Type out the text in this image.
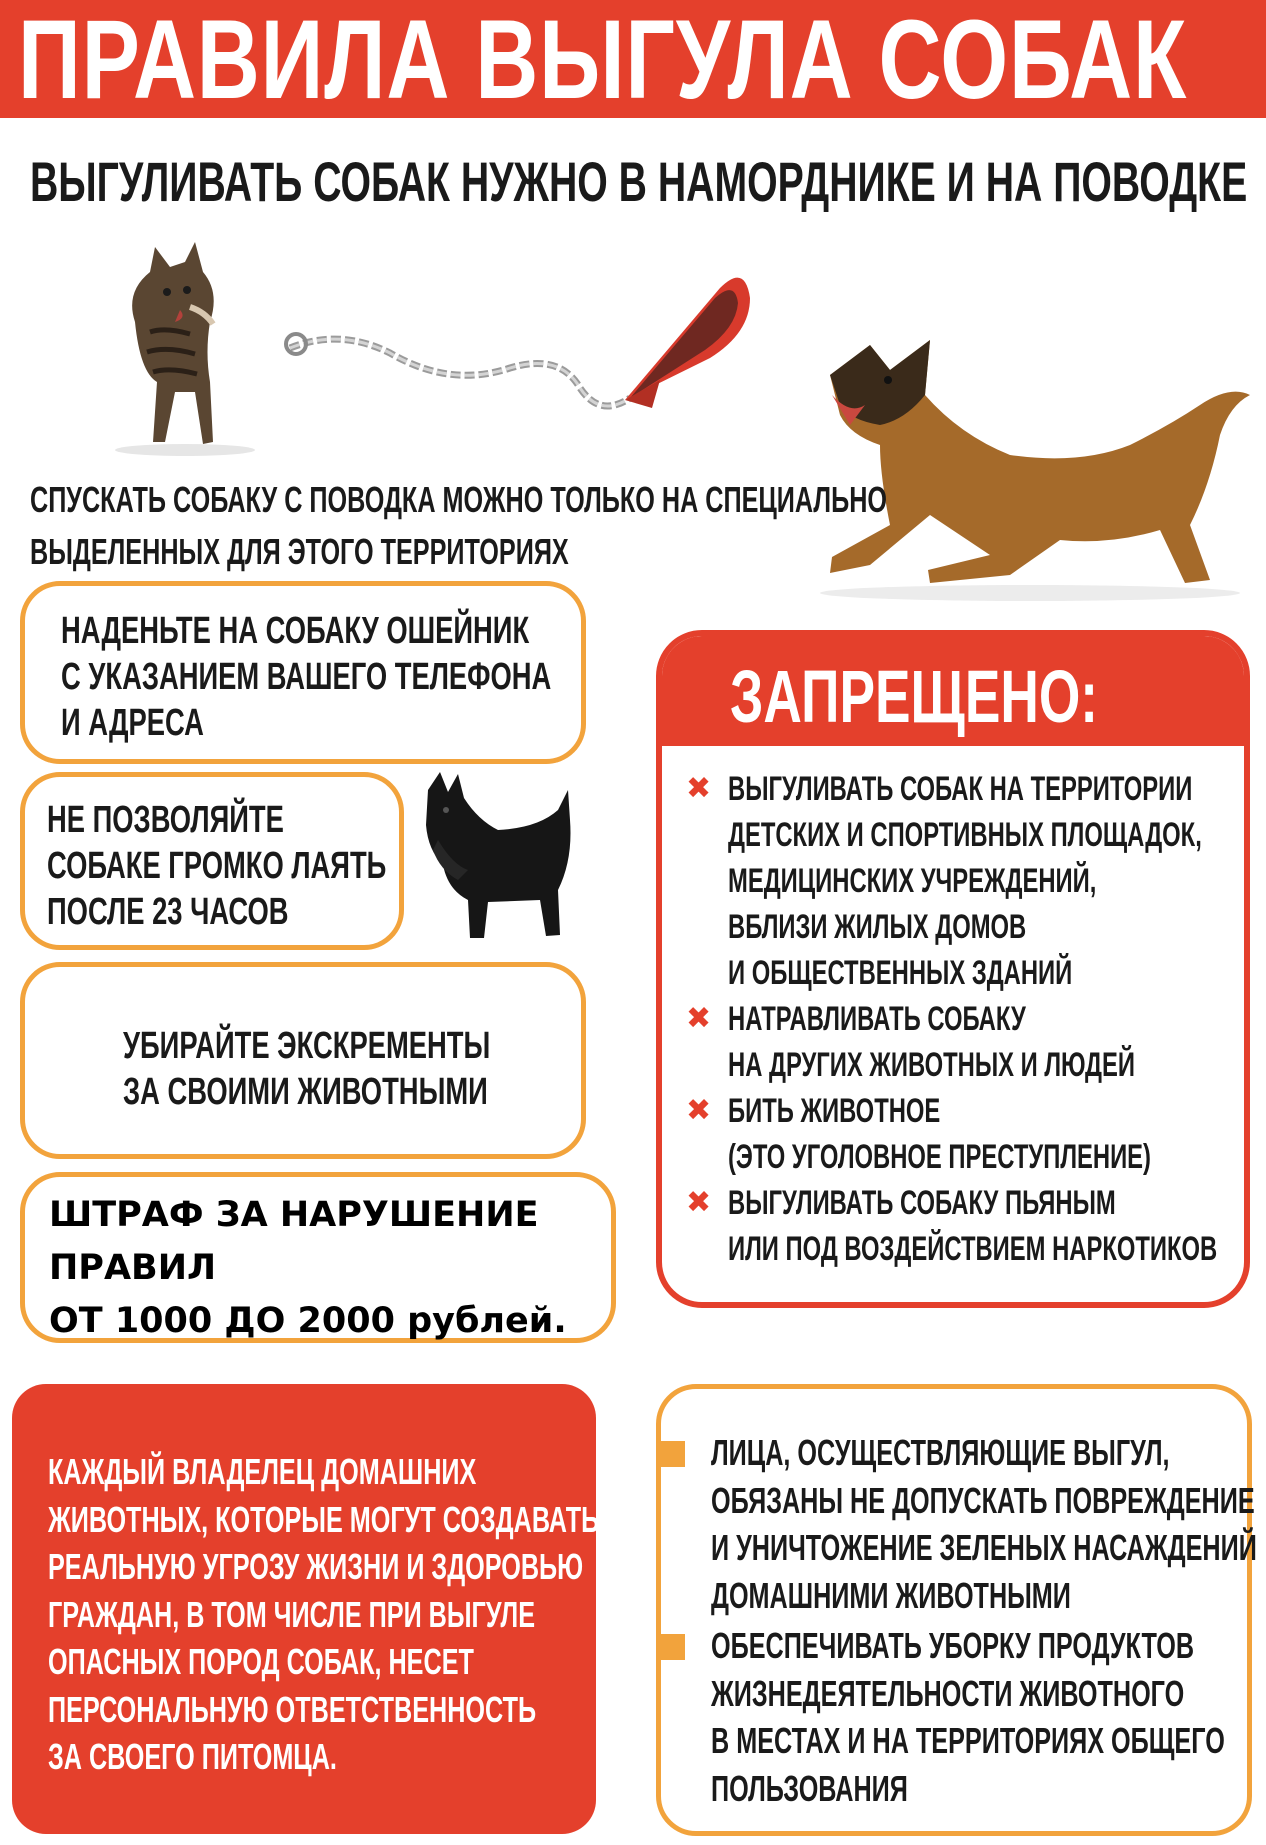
ПРАВИЛА ВЫГУЛА СОБАК
ВЫГУЛИВАТЬ СОБАК НУЖНО В НАМОРДНИКЕ И НА ПОВОДКЕ
СПУСКАТЬ СОБАКУ С ПОВОДКА МОЖНО ТОЛЬКО НА СПЕЦИАЛЬНО
ВЫДЕЛЕННЫХ ДЛЯ ЭТОГО ТЕРРИТОРИЯХ
НАДЕНЬТЕ НА СОБАКУ ОШЕЙНИК
С УКАЗАНИЕМ ВАШЕГО ТЕЛЕФОНА
И АДРЕСА
НЕ ПОЗВОЛЯЙТЕ
СОБАКЕ ГРОМКО ЛАЯТЬ
ПОСЛЕ 23 ЧАСОВ
УБИРАЙТЕ ЭКСКРЕМЕНТЫ
ЗА СВОИМИ ЖИВОТНЫМИ
ШТРАФ ЗА НАРУШЕНИЕ
ПРАВИЛ
ОТ 1000 ДО 2000 рублей.
ЗАПРЕЩЕНО:
✖ ВЫГУЛИВАТЬ СОБАК НА ТЕРРИТОРИИ
ДЕТСКИХ И СПОРТИВНЫХ ПЛОЩАДОК,
МЕДИЦИНСКИХ УЧРЕЖДЕНИЙ,
ВБЛИЗИ ЖИЛЫХ ДОМОВ
И ОБЩЕСТВЕННЫХ ЗДАНИЙ
✖ НАТРАВЛИВАТЬ СОБАКУ
НА ДРУГИХ ЖИВОТНЫХ И ЛЮДЕЙ
✖ БИТЬ ЖИВОТНОЕ
(ЭТО УГОЛОВНОЕ ПРЕСТУПЛЕНИЕ)
✖ ВЫГУЛИВАТЬ СОБАКУ ПЬЯНЫМ
ИЛИ ПОД ВОЗДЕЙСТВИЕМ НАРКОТИКОВ
КАЖДЫЙ ВЛАДЕЛЕЦ ДОМАШНИХ
ЖИВОТНЫХ, КОТОРЫЕ МОГУТ СОЗДАВАТЬ
РЕАЛЬНУЮ УГРОЗУ ЖИЗНИ И ЗДОРОВЬЮ
ГРАЖДАН, В ТОМ ЧИСЛЕ ПРИ ВЫГУЛЕ
ОПАСНЫХ ПОРОД СОБАК, НЕСЕТ
ПЕРСОНАЛЬНУЮ ОТВЕТСТВЕННОСТЬ
ЗА СВОЕГО ПИТОМЦА.
ЛИЦА, ОСУЩЕСТВЛЯЮЩИЕ ВЫГУЛ,
ОБЯЗАНЫ НЕ ДОПУСКАТЬ ПОВРЕЖДЕНИЕ
И УНИЧТОЖЕНИЕ ЗЕЛЕНЫХ НАСАЖДЕНИЙ
ДОМАШНИМИ ЖИВОТНЫМИ
ОБЕСПЕЧИВАТЬ УБОРКУ ПРОДУКТОВ
ЖИЗНЕДЕЯТЕЛЬНОСТИ ЖИВОТНОГО
В МЕСТАХ И НА ТЕРРИТОРИЯХ ОБЩЕГО
ПОЛЬЗОВАНИЯ
